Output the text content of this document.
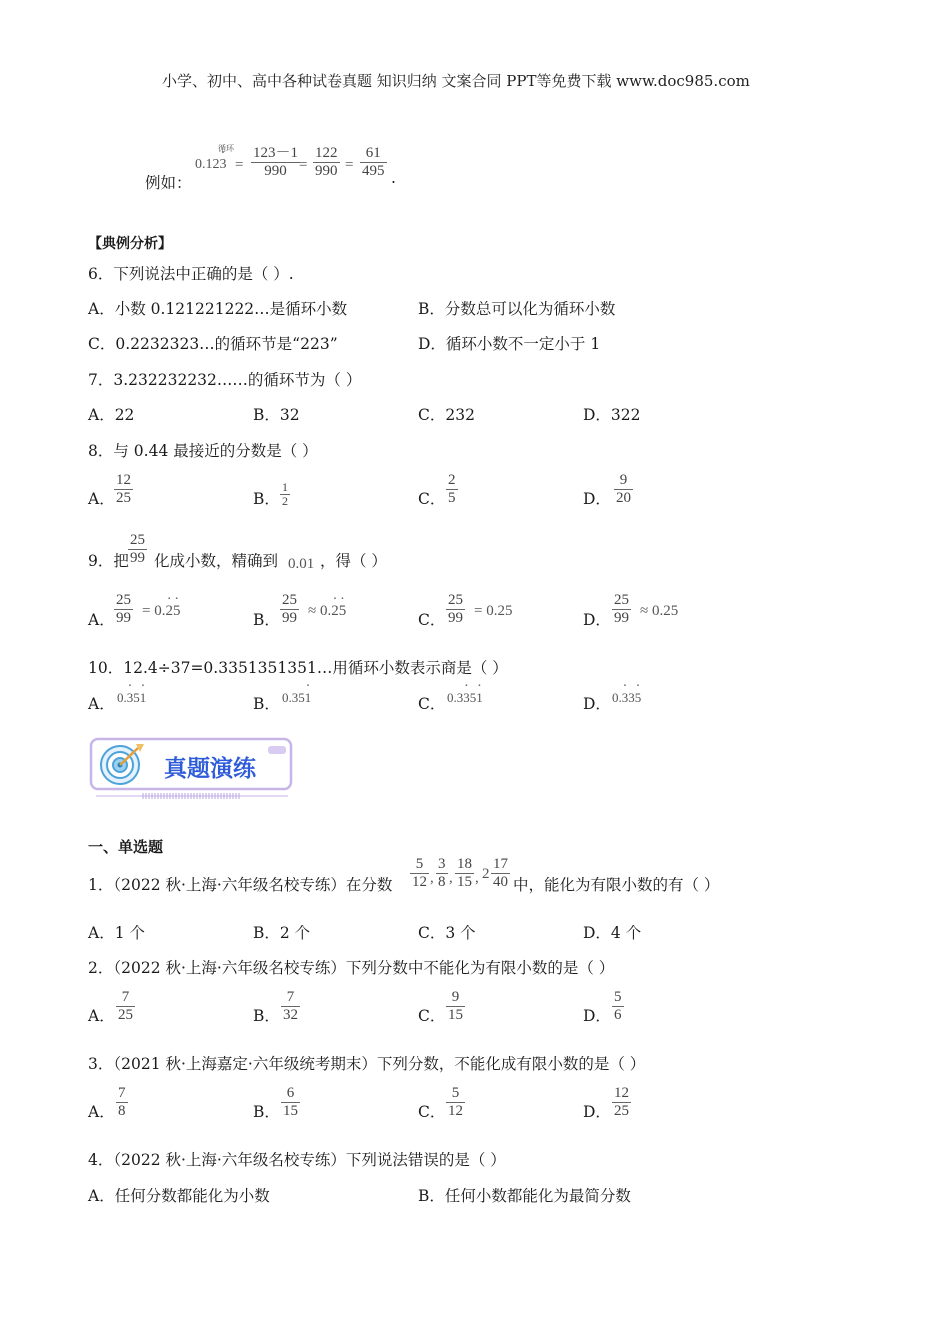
小学、初中、高中各种试卷真题 知识归纳 文案合同 PPT等免费下载 www.doc985.com
0.12· 3
循环
=
123－1
990 =
122
990 =
61
495 .
例如：
【典例分析】
6．下列说法中正确的是（ ）.
A．小数 0.121221222…是循环小数	B．分数总可以化为循环小数
C．0.2232323…的循环节是“223”	D．循环小数不一定小于 1
7．3.232232232……的循环节为（ ）
A．22	B．32	C．232	D．322
8．与 0.44 最接近的分数是（ ）
A．
12
25	B．
1
2	C．
2
5	D．
9
20
9．把
25
99 化成小数，精确到 0.01 ，得（ ）
A．
25
99 = 0.· 2· 5	B．
25
99 ≈ 0.· 2· 5	C．
25
99 = 0.25	D．
25
99 ≈ 0.25
10．12.4÷37=0.3351351351…用循环小数表示商是（ ）
A． 0.· 35· 1	B． 0.35· 1	C． 0.3· 35· 1	D． 0.· 33· 5
真题演练
一、单选题
1．（2022 秋·上海·六年级名校专练）在分数
5
12 ,
3
8 ,
18
15 , 2
17
40 中，能化为有限小数的有（ ）
A．1 个	B．2 个	C．3 个	D．4 个
2．（2022 秋·上海·六年级名校专练）下列分数中不能化为有限小数的是（ ）
A．
7
25	B．
7
32	C．
9
15	D．
5
6
3．（2021 秋·上海嘉定·六年级统考期末）下列分数，不能化成有限小数的是（ ）
A．
7
8	B．
6
15	C．
5
12	D．
12
25
4．（2022 秋·上海·六年级名校专练）下列说法错误的是（ ）
A．任何分数都能化为小数	B．任何小数都能化为最简分数
